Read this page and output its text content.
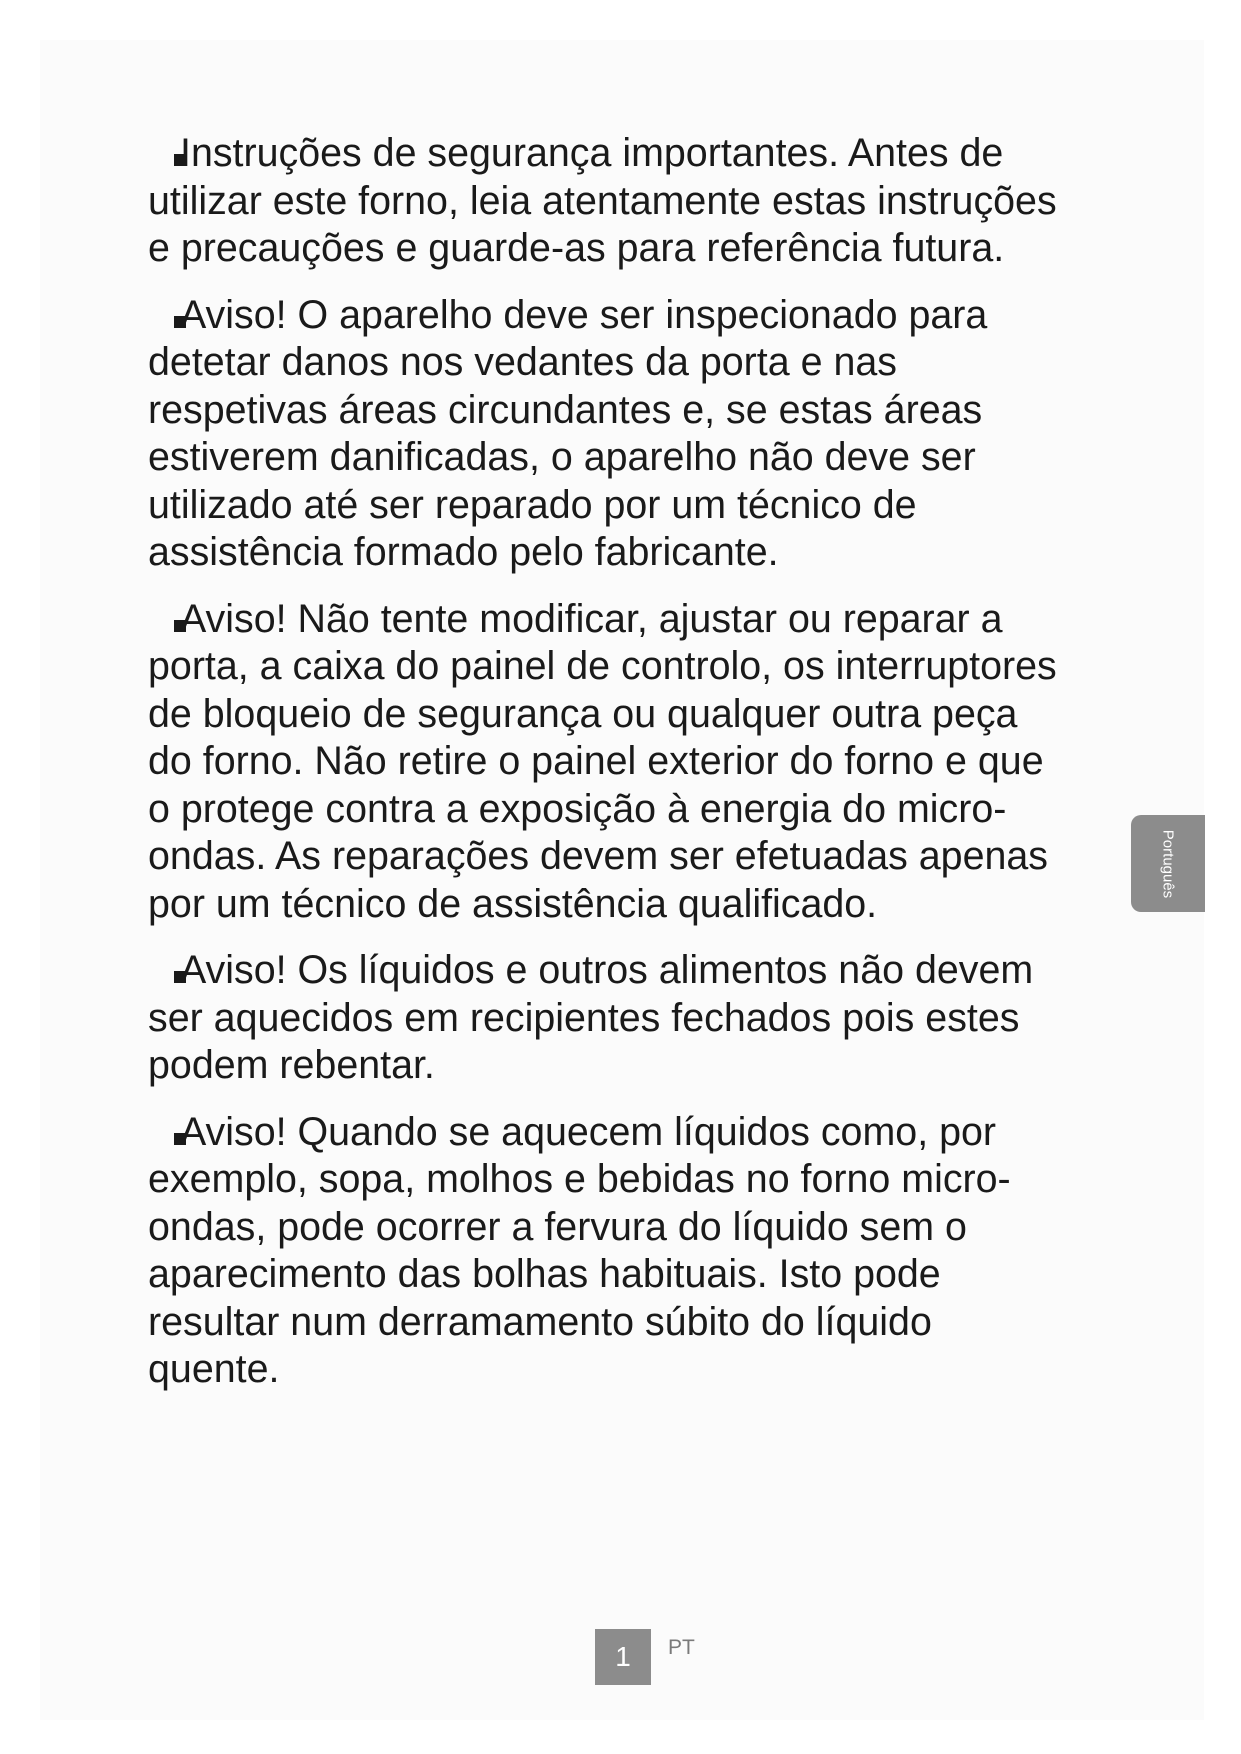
Instruções de segurança importantes. Antes de
utilizar este forno, leia atentamente estas instruções
e precauções e guarde-as para referência futura.
Aviso! O aparelho deve ser inspecionado para
detetar danos nos vedantes da porta e nas
respetivas áreas circundantes e, se estas áreas
estiverem danificadas, o aparelho não deve ser
utilizado até ser reparado por um técnico de
assistência formado pelo fabricante.
Aviso! Não tente modificar, ajustar ou reparar a
porta, a caixa do painel de controlo, os interruptores
de bloqueio de segurança ou qualquer outra peça
do forno. Não retire o painel exterior do forno e que
o protege contra a exposição à energia do micro-
ondas. As reparações devem ser efetuadas apenas
por um técnico de assistência qualificado.
Aviso! Os líquidos e outros alimentos não devem
ser aquecidos em recipientes fechados pois estes
podem rebentar.
Aviso! Quando se aquecem líquidos como, por
exemplo, sopa, molhos e bebidas no forno micro-
ondas, pode ocorrer a fervura do líquido sem o
aparecimento das bolhas habituais. Isto pode
resultar num derramamento súbito do líquido
quente.
Português
1	PT
